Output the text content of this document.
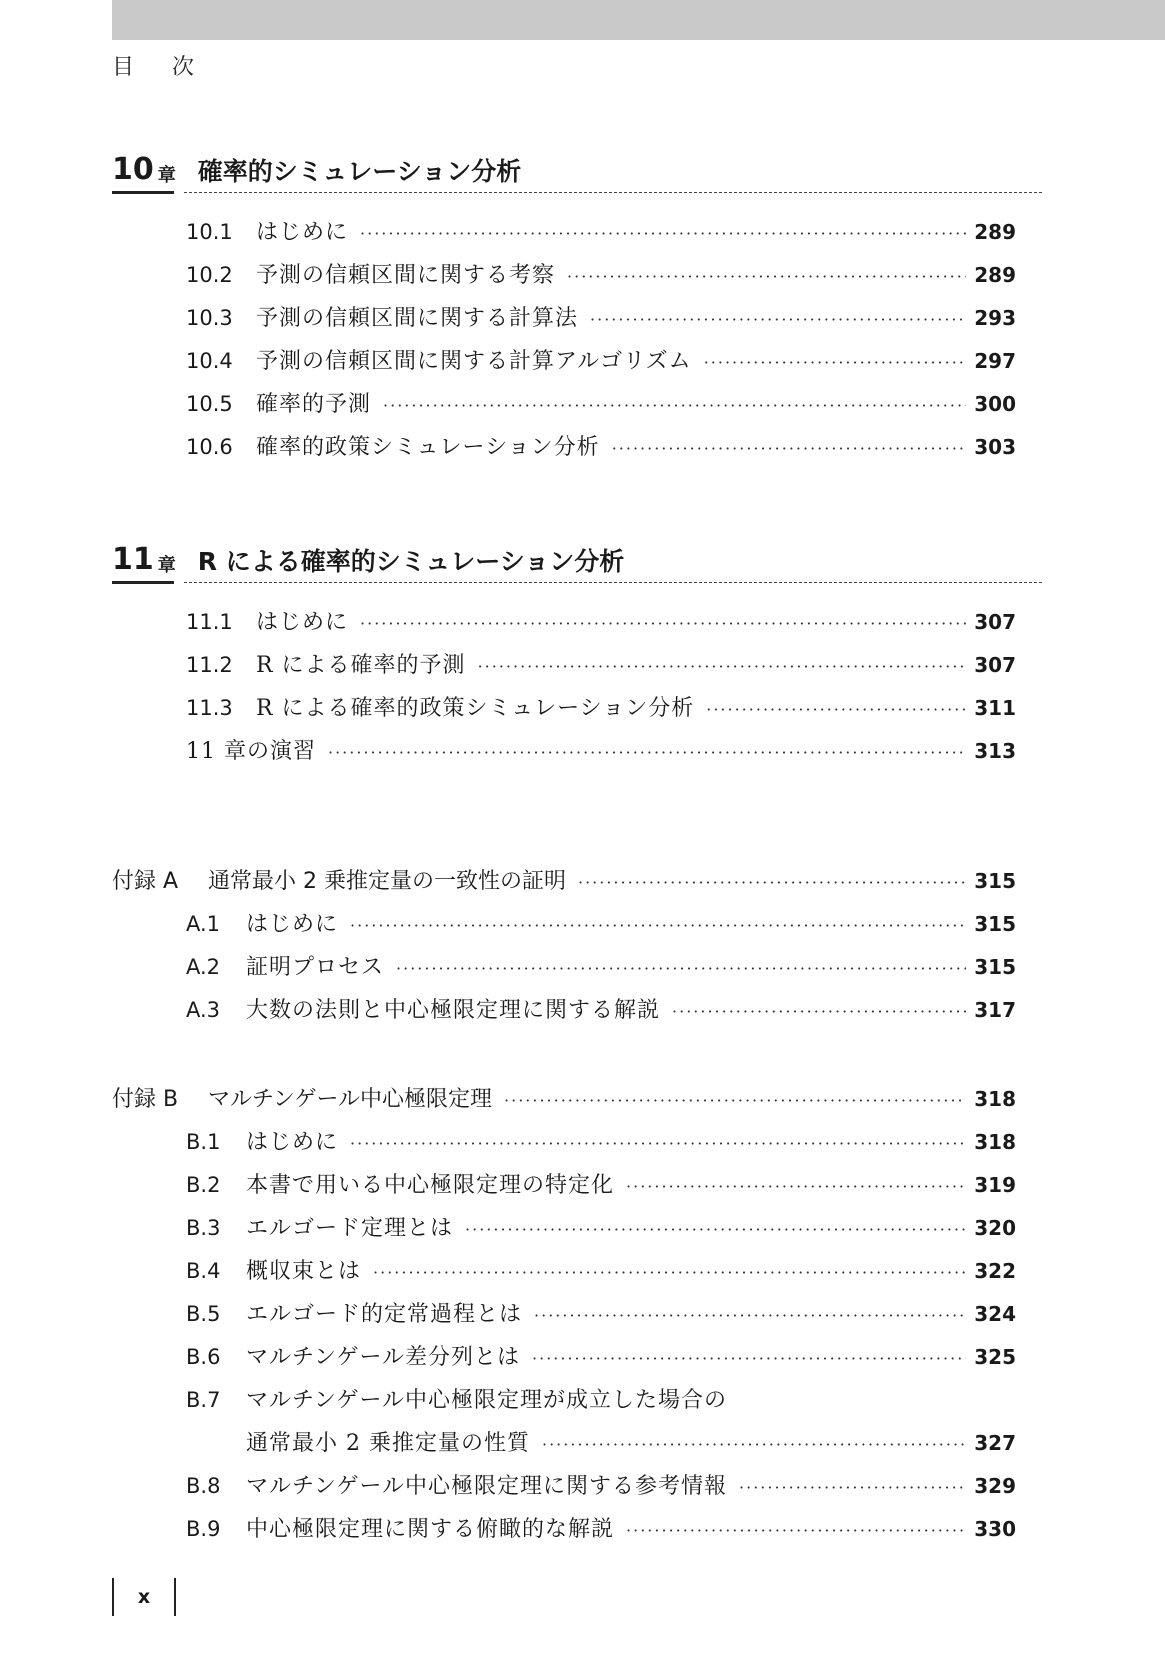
目次
10 章 確率的シミュレーション分析
10.1	はじめに ·····	289
10.2	予測の信頼区間に関する考察 ·····	289
10.3	予測の信頼区間に関する計算法 ·····	293
10.4	予測の信頼区間に関する計算アルゴリズム ·····	297
10.5	確率的予測 ·····	300
10.6	確率的政策シミュレーション分析 ·····	303
11 章 R による確率的シミュレーション分析
11.1	はじめに ·····	307
11.2	R による確率的予測 ·····	307
11.3	R による確率的政策シミュレーション分析 ·····	311
11 章の演習 ·····	313
付録 A	通常最小 2 乗推定量の一致性の証明 ·····	315
A.1	はじめに ·····	315
A.2	証明プロセス ·····	315
A.3	大数の法則と中心極限定理に関する解説 ·····	317
付録 B	マルチンゲール中心極限定理 ·····	318
B.1	はじめに ·····	318
B.2	本書で用いる中心極限定理の特定化 ·····	319
B.3	エルゴード定理とは ·····	320
B.4	概収束とは ·····	322
B.5	エルゴード的定常過程とは ·····	324
B.6	マルチンゲール差分列とは ·····	325
B.7	マルチンゲール中心極限定理が成立した場合の
通常最小 2 乗推定量の性質 ·····	327
B.8	マルチンゲール中心極限定理に関する参考情報 ·····	329
B.9	中心極限定理に関する俯瞰的な解説 ·····	330
x
